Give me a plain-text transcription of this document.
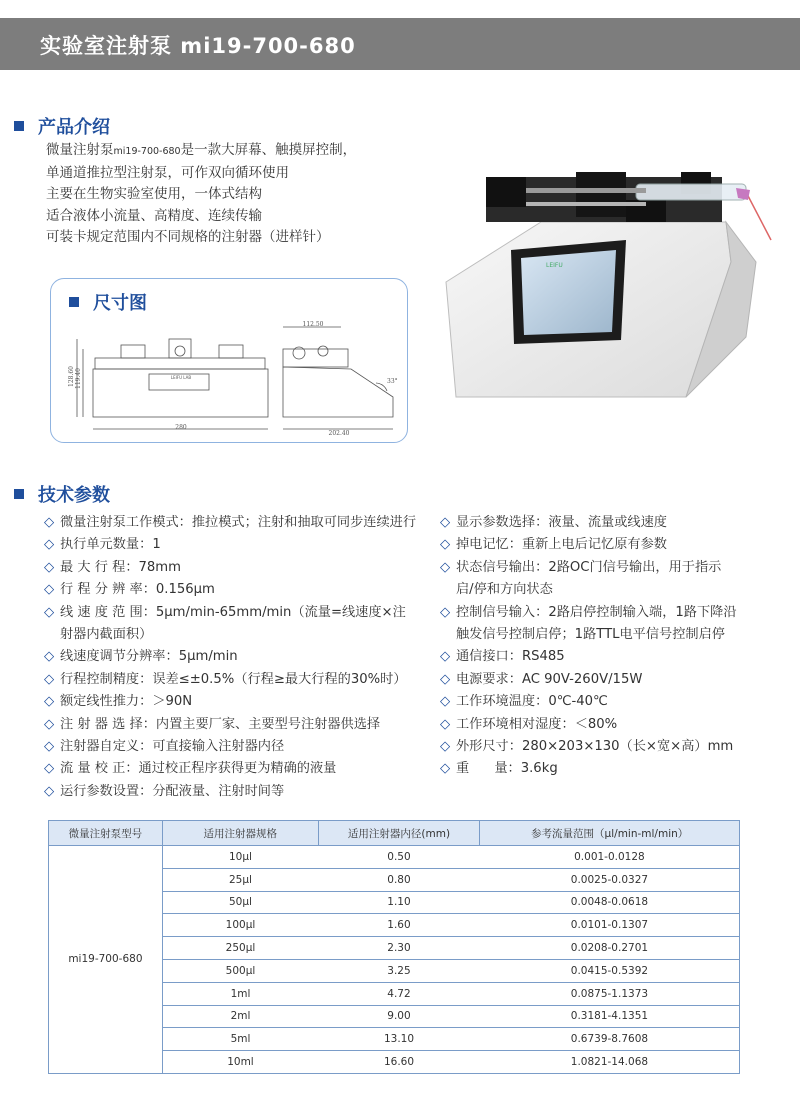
实验室注射泵 mi19-700-680
产品介绍
微量注射泵mi19-700-680是一款大屏幕、触摸屏控制，
单通道推拉型注射泵，可作双向循环使用
主要在生物实验室使用，一体式结构
适合液体小流量、高精度、连续传输
可装卡规定范围内不同规格的注射器（进样针）
尺寸图
280
LEIFU LAB
128.60 119.40
112.50
202.40
33°
LEIFU
技术参数
◇ 微量注射泵工作模式： 推拉模式；注射和抽取可同步连续进行
◇ 执行单元数量： 1
◇ 最 大 行 程： 78mm
◇ 行 程 分 辨 率： 0.156μm
◇ 线 速 度 范 围： 5μm/min-65mm/min（流量=线速度×注
射器内截面积）
◇ 线速度调节分辨率： 5μm/min
◇ 行程控制精度： 误差≤±0.5%（行程≥最大行程的30%时）
◇ 额定线性推力： ＞90N
◇ 注 射 器 选 择： 内置主要厂家、主要型号注射器供选择
◇ 注射器自定义： 可直接输入注射器内径
◇ 流 量 校 正： 通过校正程序获得更为精确的液量
◇ 运行参数设置： 分配液量、注射时间等
◇ 显示参数选择： 液量、流量或线速度
◇ 掉电记忆： 重新上电后记忆原有参数
◇ 状态信号输出： 2路OC门信号输出，用于指示
启/停和方向状态
◇ 控制信号输入： 2路启停控制输入端，1路下降沿
触发信号控制启停；1路TTL电平信号控制启停
◇ 通信接口： RS485
◇ 电源要求： AC 90V-260V/15W
◇ 工作环境温度： 0℃-40℃
◇ 工作环境相对湿度： ＜80%
◇ 外形尺寸： 280×203×130（长×宽×高）mm
◇ 重      量： 3.6kg
微量注射泵型号	适用注射器规格	适用注射器内径(mm)	参考流量范围（μl/min-ml/min）
mi19-700-680	10μl	0.50	0.001-0.0128
	25μl	0.80	0.0025-0.0327
	50μl	1.10	0.0048-0.0618
	100μl	1.60	0.0101-0.1307
	250μl	2.30	0.0208-0.2701
	500μl	3.25	0.0415-0.5392
	1ml	4.72	0.0875-1.1373
	2ml	9.00	0.3181-4.1351
	5ml	13.10	0.6739-8.7608
	10ml	16.60	1.0821-14.068
